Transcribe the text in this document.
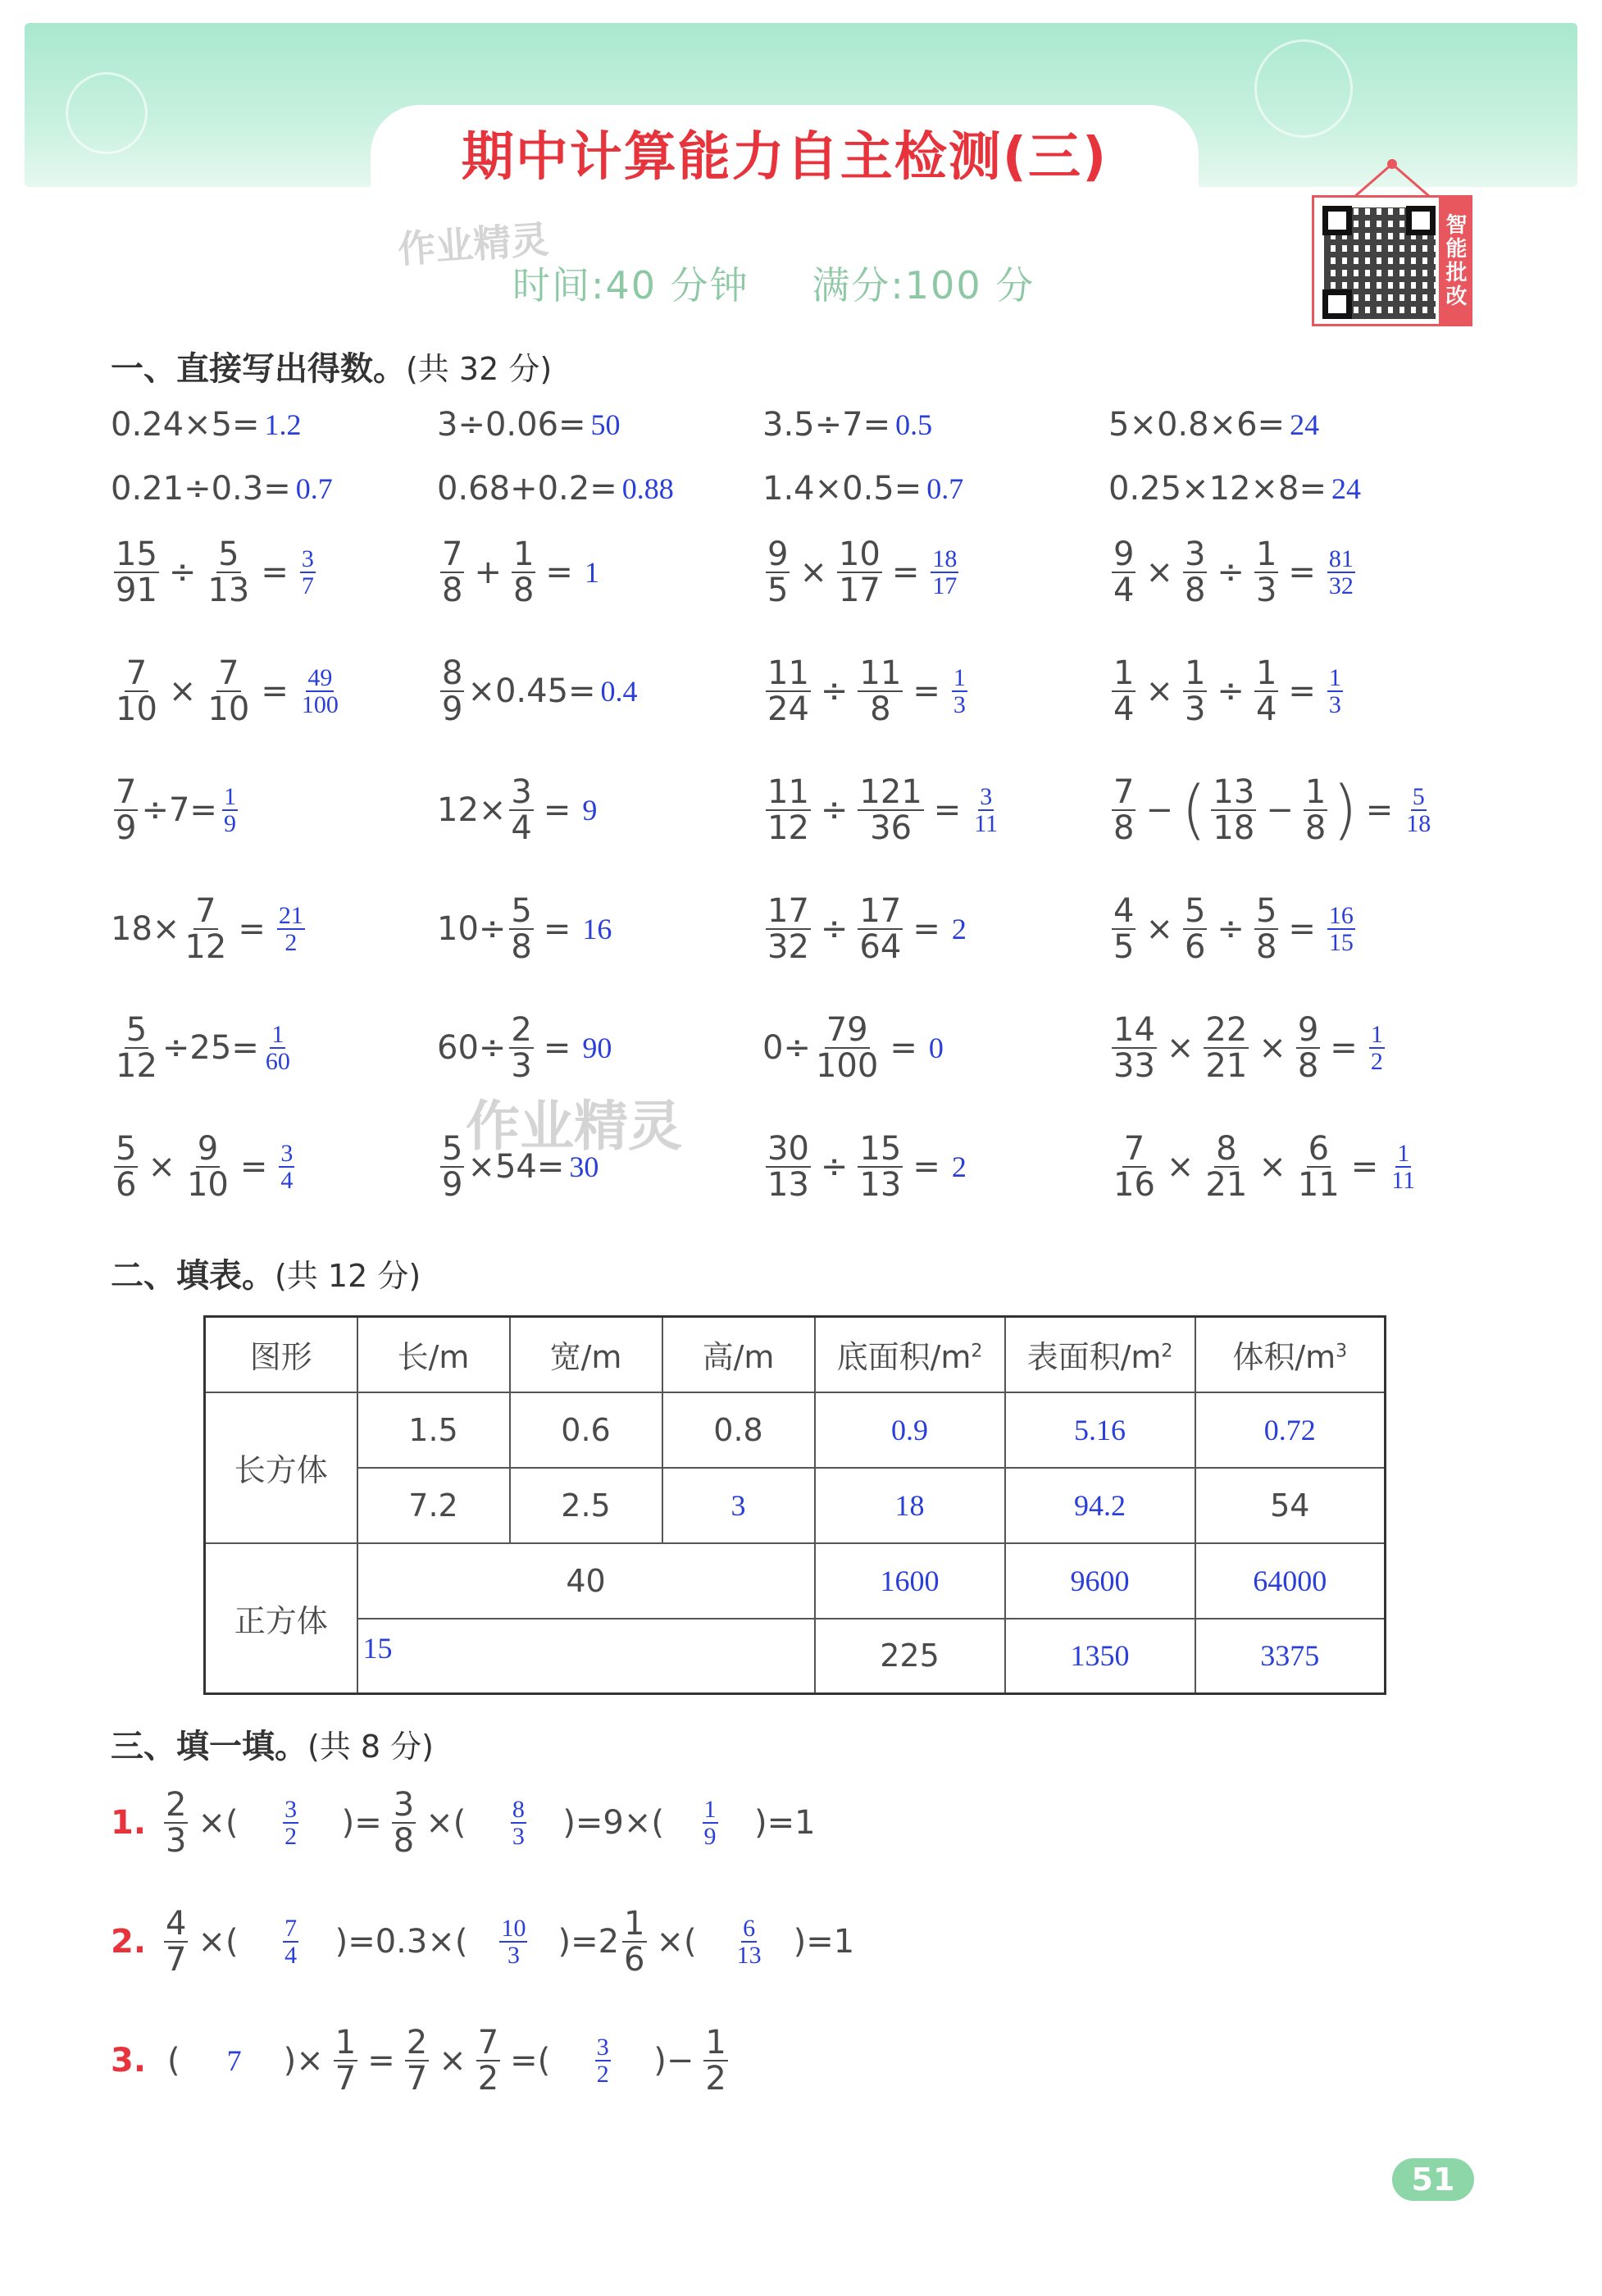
期中计算能力自主检测(三)
作业精灵
作业精灵
时间:40 分钟 满分:100 分	智能批改
一、直接写出得数。(共 32 分)
0.24×5= 1.2	3÷0.06= 50	3.5÷7= 0.5	5×0.8×6= 24
0.21÷0.3= 0.7	0.68+0.2= 0.88	1.4×0.5= 0.7	0.25×12×8= 24
$\frac{15}{91} \div \frac{5}{13} = \frac{3}{7}$	$\frac{7}{8} + \frac{1}{8} = 1$	$\frac{9}{5} \times \frac{10}{17} = \frac{18}{17}$	$\frac{9}{4} \times \frac{3}{8} \div \frac{1}{3} = \frac{81}{32}$
$\frac{7}{10} \times \frac{7}{10} = \frac{49}{100}$	$\frac{8}{9} \times 0.45= 0.4$	$\frac{11}{24} \div \frac{11}{8} = \frac{1}{3}$	$\frac{1}{4} \times \frac{1}{3} \div \frac{1}{4} = \frac{1}{3}$
$\frac{7}{9} \div 7= \frac{1}{9}$	$12\times \frac{3}{4} = 9$	$\frac{11}{12} \div \frac{121}{36} = \frac{3}{11}$	$\frac{7}{8}$ − ( $\frac{13}{18} - \frac{1}{8}$ ) = $\frac{5}{18}$
$18\times \frac{7}{12} = \frac{21}{2}$	$10\div \frac{5}{8} = 16$	$\frac{17}{32} \div \frac{17}{64} = 2$	$\frac{4}{5} \times \frac{5}{6} \div \frac{5}{8} = \frac{16}{15}$
$\frac{5}{12} \div 25= \frac{1}{60}$	$60\div \frac{2}{3} = 90$	$0\div \frac{79}{100} = 0$	$\frac{14}{33} \times \frac{22}{21} \times \frac{9}{8} = \frac{1}{2}$
$\frac{5}{6} \times \frac{9}{10} = \frac{3}{4}$	$\frac{5}{9} \times 54= 30$	$\frac{30}{13} \div \frac{15}{13} = 2$	$\frac{7}{16} \times \frac{8}{21} \times \frac{6}{11} = \frac{1}{11}$
二、填表。(共 12 分)
图形	长/m	宽/m	高/m	底面积$/m^2$	表面积$/m^2$	体积$/m^3$
长方体	1.5	0.6	0.8	0.9	5.16	0.72
	7.2	2.5	3	18	94.2	54
正方体	40			1600	9600	64000
	15			225	1350	3375
三、填一填。(共 8 分)
1. $\frac{2}{3}$ ×( $\frac{3}{2}$ )= $\frac{3}{8}$ ×( $\frac{8}{3} )=9\times( \frac{1}{9} )=1$
2. $\frac{4}{7}$ ×( $\frac{7}{4} )=0.3\times( \frac{10}{3} )=2 \frac{1}{6}$ ×( $\frac{6}{13} )=1$
3. ( 7 )× $\frac{1}{7} = \frac{2}{7} \times \frac{7}{2}$ =( $\frac{3}{2}$ )− $\frac{1}{2}$
51
